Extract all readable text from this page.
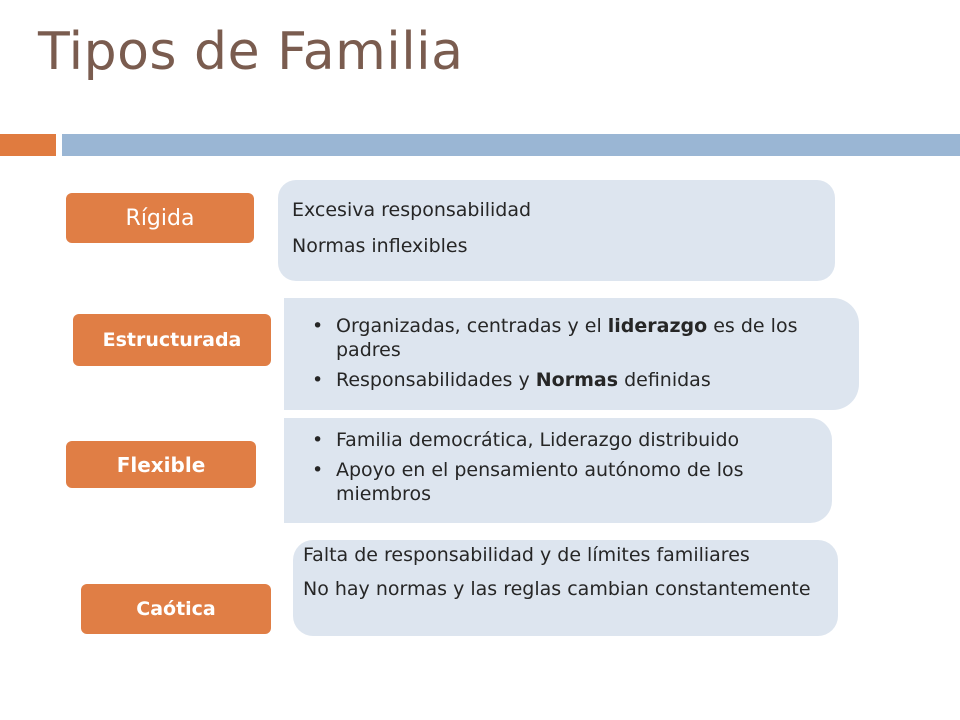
Tipos de Familia
Rígida	Excesiva responsabilidad
Normas inflexibles
Estructurada
• Organizadas, centradas y el liderazgo es de los padres
• Responsabilidades y Normas definidas
Flexible
• Familia democrática, Liderazgo distribuido
• Apoyo en el pensamiento autónomo de los miembros
Caótica
Falta de responsabilidad y de límites familiares
No hay normas y las reglas cambian constantemente
